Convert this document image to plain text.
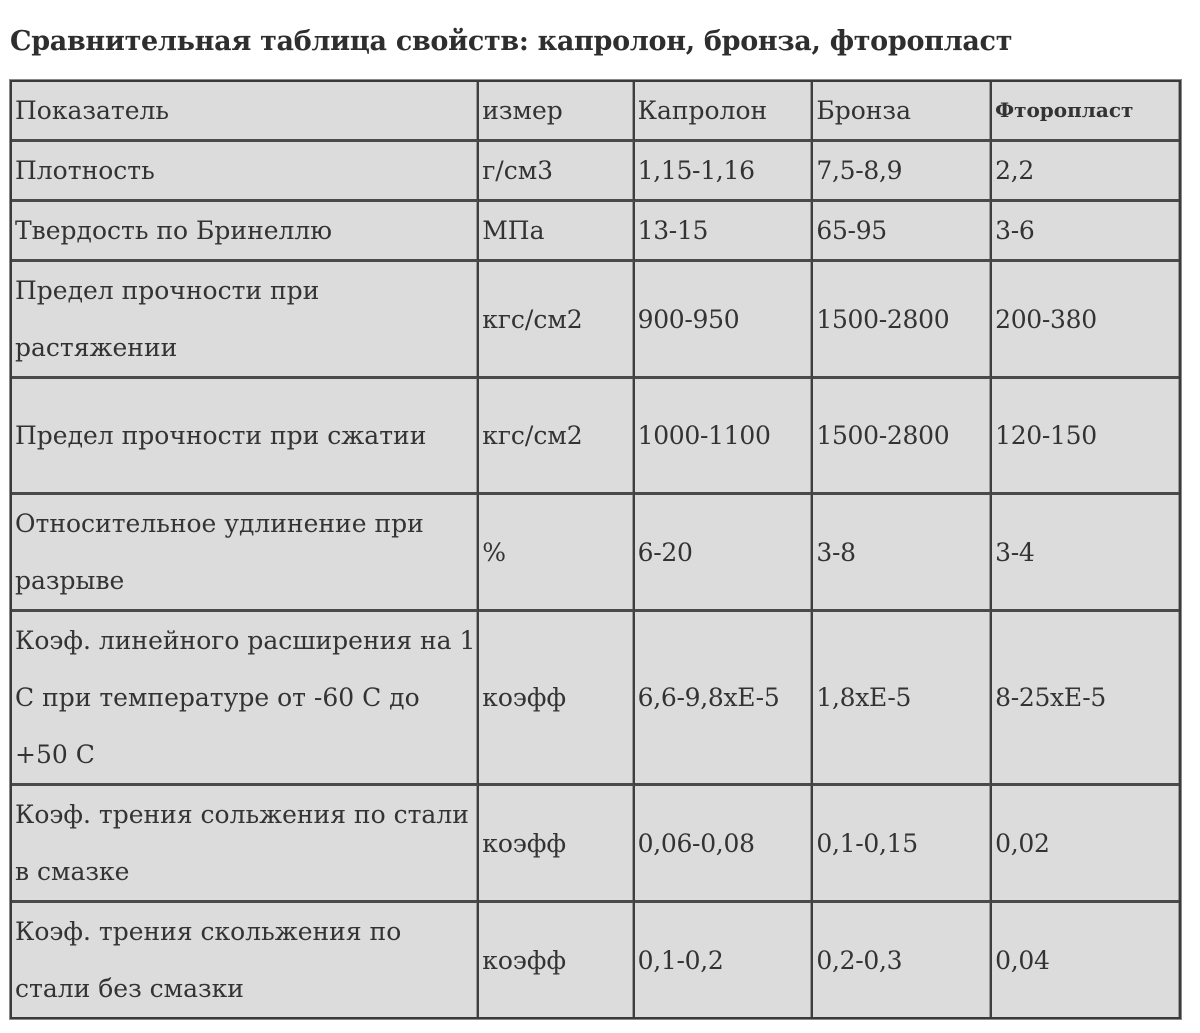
Сравнительная таблица свойств: капролон, бронза, фторопласт
Показатель	измер	Капролон	Бронза	Фторопласт
Плотность	г/см3	1,15-1,16	7,5-8,9	2,2
Твердость по Бринеллю	МПа	13-15	65-95	3-6
Предел прочности при растяжении	кгс/см2	900-950	1500-2800	200-380
Предел прочности при сжатии	кгс/см2	1000-1100	1500-2800	120-150
Относительное удлинение при разрыве	%	6-20	3-8	3-4
Коэф. линейного расширения на 1 С при температуре от -60 С до +50 С	коэфф	6,6-9,8xE-5	1,8xE-5	8-25xE-5
Коэф. трения сольжения по стали в смазке	коэфф	0,06-0,08	0,1-0,15	0,02
Коэф. трения скольжения по стали без смазки	коэфф	0,1-0,2	0,2-0,3	0,04
